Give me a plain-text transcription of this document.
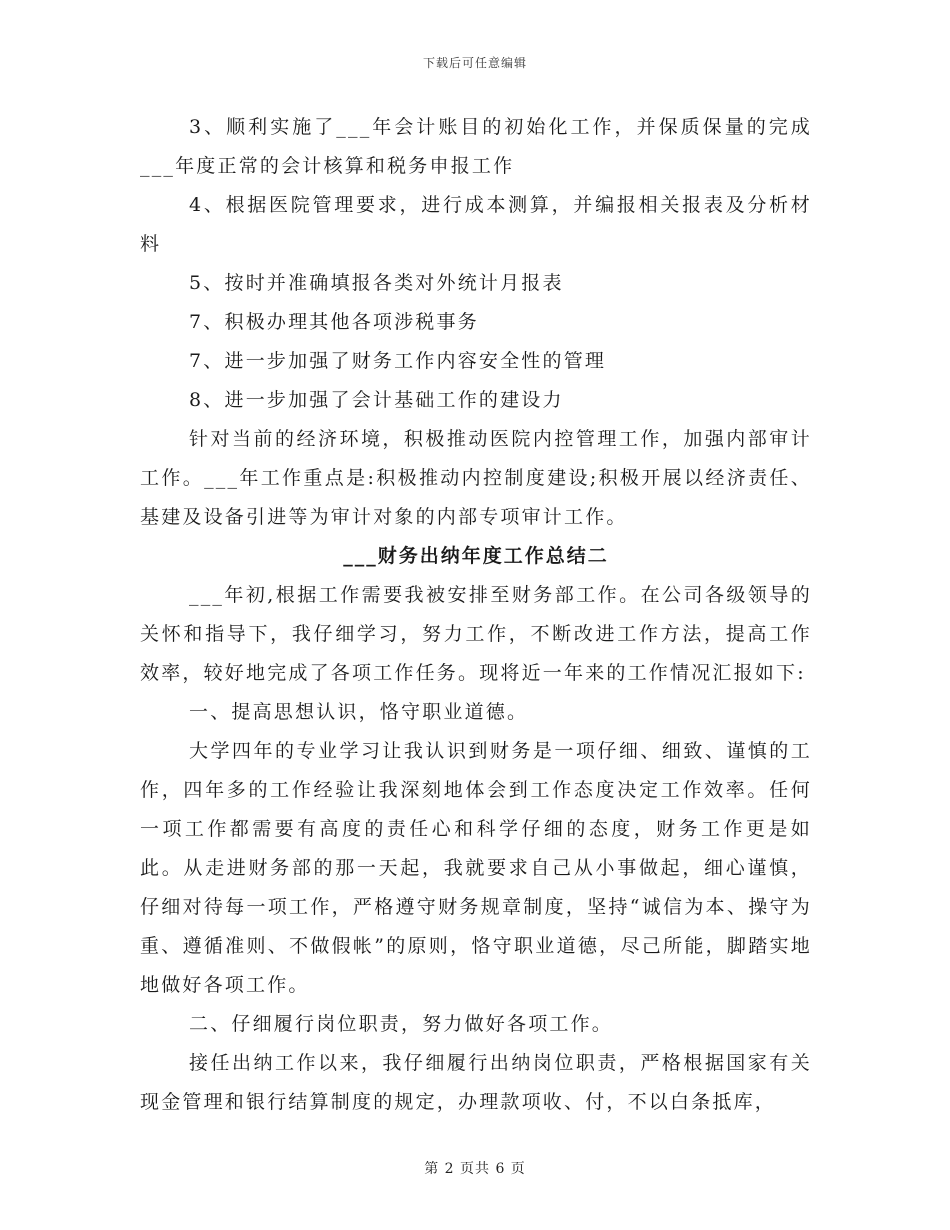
下载后可任意编辑

3、顺利实施了___年会计账目的初始化工作，并保质保量的完成___年度正常的会计核算和税务申报工作

4、根据医院管理要求，进行成本测算，并编报相关报表及分析材料

5、按时并准确填报各类对外统计月报表

7、积极办理其他各项涉税事务

7、进一步加强了财务工作内容安全性的管理

8、进一步加强了会计基础工作的建设力

针对当前的经济环境，积极推动医院内控管理工作，加强内部审计工作。___年工作重点是:积极推动内控制度建设;积极开展以经济责任、基建及设备引进等为审计对象的内部专项审计工作。

___财务出纳年度工作总结二

___年初,根据工作需要我被安排至财务部工作。在公司各级领导的关怀和指导下，我仔细学习，努力工作，不断改进工作方法，提高工作效率，较好地完成了各项工作任务。现将近一年来的工作情况汇报如下:

一、提高思想认识，恪守职业道德。

大学四年的专业学习让我认识到财务是一项仔细、细致、谨慎的工作，四年多的工作经验让我深刻地体会到工作态度决定工作效率。任何一项工作都需要有高度的责任心和科学仔细的态度，财务工作更是如此。从走进财务部的那一天起，我就要求自己从小事做起，细心谨慎，仔细对待每一项工作，严格遵守财务规章制度，坚持“诚信为本、操守为重、遵循准则、不做假帐”的原则，恪守职业道德，尽己所能，脚踏实地地做好各项工作。

二、仔细履行岗位职责，努力做好各项工作。

接任出纳工作以来，我仔细履行出纳岗位职责，严格根据国家有关现金管理和银行结算制度的规定，办理款项收、付，不以白条抵库，

第 2 页共 6 页
